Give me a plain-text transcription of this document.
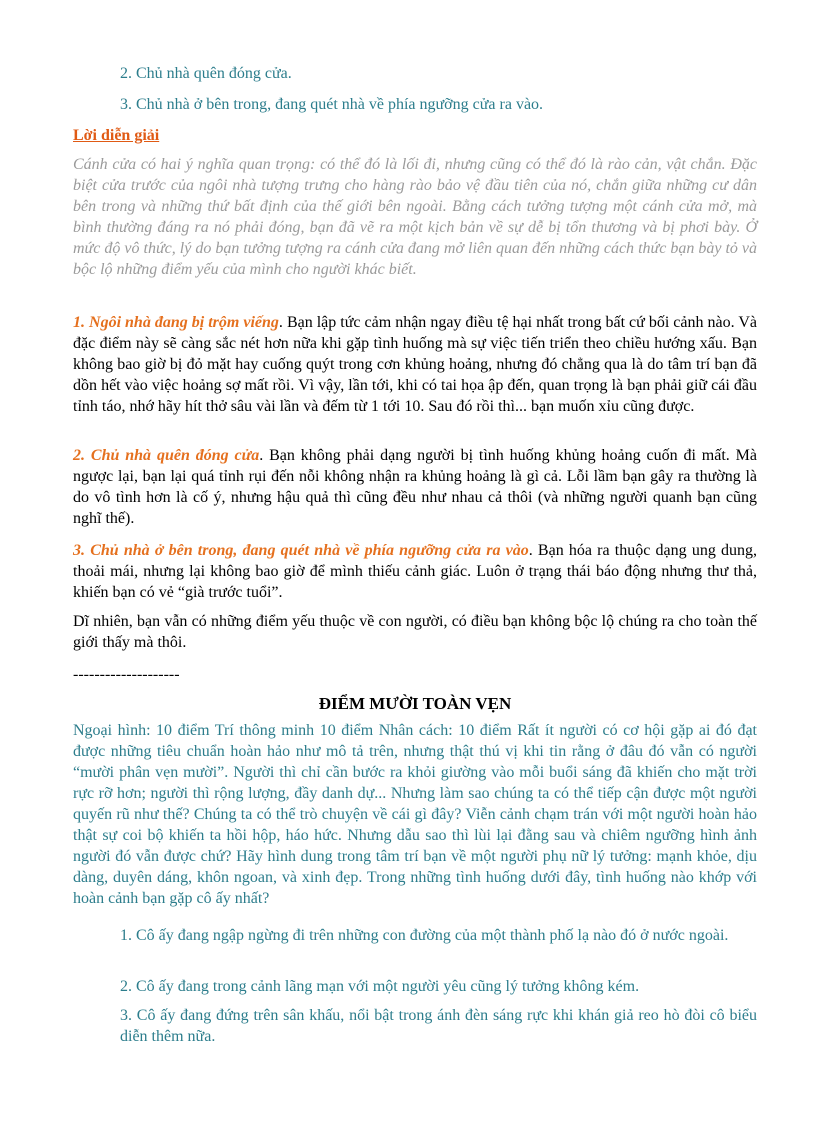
2. Chủ nhà quên đóng cửa.
3. Chủ nhà ở bên trong, đang quét nhà về phía ngưỡng cửa ra vào.
Lời diễn giải
Cánh cửa có hai ý nghĩa quan trọng: có thể đó là lối đi, nhưng cũng có thể đó là rào cản, vật chắn. Đặc biệt cửa trước của ngôi nhà tượng trưng cho hàng rào bảo vệ đầu tiên của nó, chắn giữa những cư dân bên trong và những thứ bất định của thế giới bên ngoài. Bằng cách tưởng tượng một cánh cửa mở, mà bình thường đáng ra nó phải đóng, bạn đã vẽ ra một kịch bản về sự dễ bị tổn thương và bị phơi bày. Ở mức độ vô thức, lý do bạn tưởng tượng ra cánh cửa đang mở liên quan đến những cách thức bạn bày tỏ và bộc lộ những điểm yếu của mình cho người khác biết.
1. Ngôi nhà đang bị trộm viếng. Bạn lập tức cảm nhận ngay điều tệ hại nhất trong bất cứ bối cảnh nào. Và đặc điểm này sẽ càng sắc nét hơn nữa khi gặp tình huống mà sự việc tiến triển theo chiều hướng xấu. Bạn không bao giờ bị đỏ mặt hay cuống quýt trong cơn khủng hoảng, nhưng đó chẳng qua là do tâm trí bạn đã dồn hết vào việc hoảng sợ mất rồi. Vì vậy, lần tới, khi có tai họa ập đến, quan trọng là bạn phải giữ cái đầu tỉnh táo, nhớ hãy hít thở sâu vài lần và đếm từ 1 tới 10. Sau đó rồi thì... bạn muốn xỉu cũng được.
2. Chủ nhà quên đóng cửa. Bạn không phải dạng người bị tình huống khủng hoảng cuốn đi mất. Mà ngược lại, bạn lại quá tỉnh rụi đến nỗi không nhận ra khủng hoảng là gì cả. Lỗi lầm bạn gây ra thường là do vô tình hơn là cố ý, nhưng hậu quả thì cũng đều như nhau cả thôi (và những người quanh bạn cũng nghĩ thế).
3. Chủ nhà ở bên trong, đang quét nhà về phía ngưỡng cửa ra vào. Bạn hóa ra thuộc dạng ung dung, thoải mái, nhưng lại không bao giờ để mình thiếu cảnh giác. Luôn ở trạng thái báo động nhưng thư thả, khiến bạn có vẻ “già trước tuổi”.
Dĩ nhiên, bạn vẫn có những điểm yếu thuộc về con người, có điều bạn không bộc lộ chúng ra cho toàn thế giới thấy mà thôi.
--------------------
ĐIỂM MƯỜI TOÀN VẸN
Ngoại hình: 10 điểm Trí thông minh 10 điểm Nhân cách: 10 điểm Rất ít người có cơ hội gặp ai đó đạt được những tiêu chuẩn hoàn hảo như mô tả trên, nhưng thật thú vị khi tin rằng ở đâu đó vẫn có người “mười phân vẹn mười”. Người thì chỉ cần bước ra khỏi giường vào mỗi buổi sáng đã khiến cho mặt trời rực rỡ hơn; người thì rộng lượng, đầy danh dự... Nhưng làm sao chúng ta có thể tiếp cận được một người quyến rũ như thế? Chúng ta có thể trò chuyện về cái gì đây? Viễn cảnh chạm trán với một người hoàn hảo thật sự coi bộ khiến ta hồi hộp, háo hức. Nhưng dẫu sao thì lùi lại đằng sau và chiêm ngưỡng hình ảnh người đó vẫn được chứ? Hãy hình dung trong tâm trí bạn về một người phụ nữ lý tưởng: mạnh khỏe, dịu dàng, duyên dáng, khôn ngoan, và xinh đẹp. Trong những tình huống dưới đây, tình huống nào khớp với hoàn cảnh bạn gặp cô ấy nhất?
1. Cô ấy đang ngập ngừng đi trên những con đường của một thành phố lạ nào đó ở nước ngoài.
2. Cô ấy đang trong cảnh lãng mạn với một người yêu cũng lý tưởng không kém.
3. Cô ấy đang đứng trên sân khấu, nổi bật trong ánh đèn sáng rực khi khán giả reo hò đòi cô biểu diễn thêm nữa.
